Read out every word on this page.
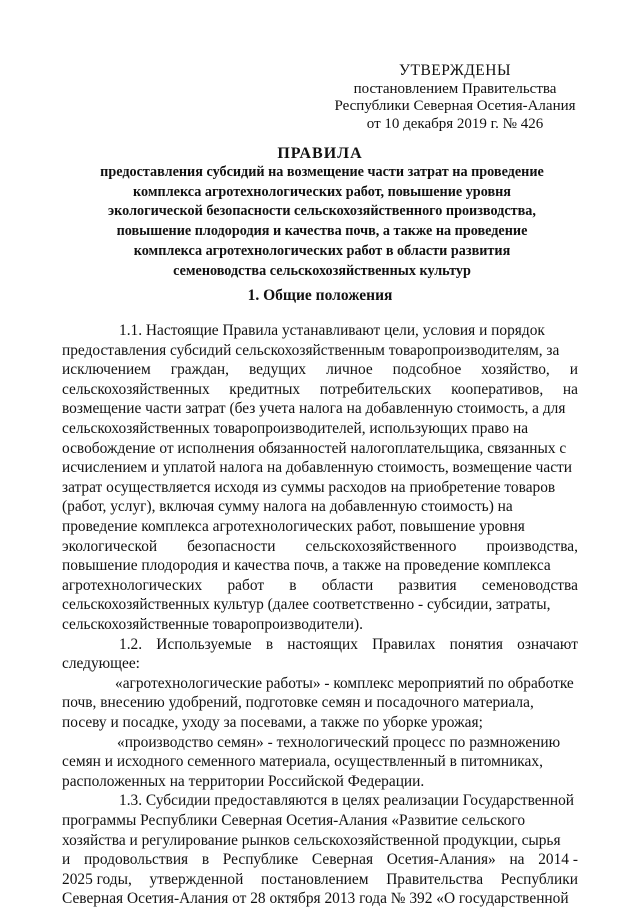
УТВЕРЖДЕНЫ
постановлением Правительства
Республики Северная Осетия-Алания
от 10 декабря 2019 г. № 426
ПРАВИЛА
предоставления субсидий на возмещение части затрат на проведение
комплекса агротехнологических работ, повышение уровня
экологической безопасности сельскохозяйственного производства,
повышение плодородия и качества почв, а также на проведение
комплекса агротехнологических работ в области развития
семеноводства сельскохозяйственных культур
1. Общие положения
1.1. Настоящие Правила устанавливают цели, условия и порядок
предоставления субсидий сельскохозяйственным товаропроизводителям, за
исключением граждан, ведущих личное подсобное хозяйство, и
сельскохозяйственных кредитных потребительских кооперативов, на
возмещение части затрат (без учета налога на добавленную стоимость, а для
сельскохозяйственных товаропроизводителей, использующих право на
освобождение от исполнения обязанностей налогоплательщика, связанных с
исчислением и уплатой налога на добавленную стоимость, возмещение части
затрат осуществляется исходя из суммы расходов на приобретение товаров
(работ, услуг), включая сумму налога на добавленную стоимость) на
проведение комплекса агротехнологических работ, повышение уровня
экологической безопасности сельскохозяйственного производства,
повышение плодородия и качества почв, а также на проведение комплекса
агротехнологических работ в области развития семеноводства
сельскохозяйственных культур (далее соответственно - субсидии, затраты,
сельскохозяйственные товаропроизводители).
1.2. Используемые в настоящих Правилах понятия означают
следующее:
«агротехнологические работы» - комплекс мероприятий по обработке
почв, внесению удобрений, подготовке семян и посадочного материала,
посеву и посадке, уходу за посевами, а также по уборке урожая;
«производство семян» - технологический процесс по размножению
семян и исходного семенного материала, осуществленный в питомниках,
расположенных на территории Российской Федерации.
1.3. Субсидии предоставляются в целях реализации Государственной
программы Республики Северная Осетия-Алания «Развитие сельского
хозяйства и регулирование рынков сельскохозяйственной продукции, сырья
и продовольствия в Республике Северная Осетия-Алания» на 2014 -
2025 годы, утвержденной постановлением Правительства Республики
Северная Осетия-Алания от 28 октября 2013 года № 392 «О государственной
